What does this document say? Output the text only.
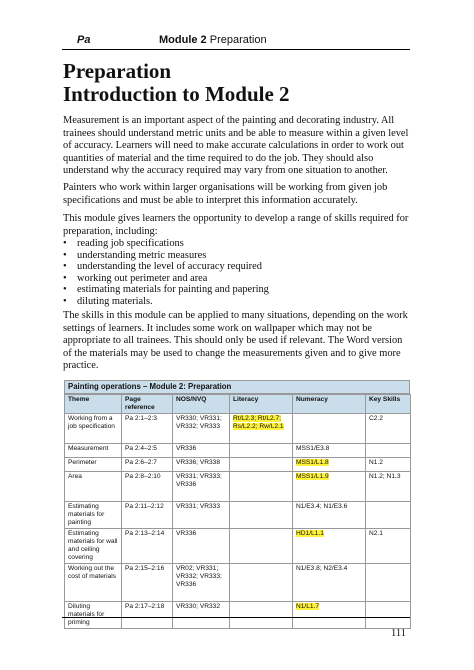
Pa	Module 2 Preparation
Preparation
Introduction to Module 2
Measurement is an important aspect of the painting and decorating industry. All trainees should understand metric units and be able to measure within a given level of accuracy. Learners will need to make accurate calculations in order to work out quantities of material and the time required to do the job. They should also understand why the accuracy required may vary from one situation to another.
Painters who work within larger organisations will be working from given job specifications and must be able to interpret this information accurately.
This module gives learners the opportunity to develop a range of skills required for preparation, including:
• reading job specifications
• understanding metric measures
• understanding the level of accuracy required
• working out perimeter and area
• estimating materials for painting and papering
• diluting materials.
The skills in this module can be applied to many situations, depending on the work settings of learners. It includes some work on wallpaper which may not be appropriate to all trainees. This should only be used if relevant. The Word version of the materials may be used to change the measurements given and to give more practice.
Painting operations – Module 2: Preparation
Theme	Page reference	NOS/NVQ	Literacy	Numeracy	Key Skills
Working from a job specification	Pa 2:1–2:3	VR330; VR331; VR332; VR333	Rt/L2.3; Rt/L2.7; Rs/L2.2; Rw/L2.1		C2.2
Measurement	Pa 2:4–2:5	VR336		MSS1/E3.8	
Perimeter	Pa 2:6–2:7	VR336; VR338		MSS1/L1.8	N1.2
Area	Pa 2:8–2:10	VR331; VR333; VR336		MSS1/L1.9	N1.2; N1.3
Estimating materials for painting	Pa 2:11–2:12	VR331; VR333		N1/E3.4; N1/E3.6	
Estimating materials for wall and ceiling covering	Pa 2:13–2:14	VR336		HD1/L1.1	N2.1
Working out the cost of materials	Pa 2:15–2:16	VR02; VR331; VR332; VR333; VR336		N1/E3.8; N2/E3.4	
Diluting materials for priming	Pa 2:17–2:18	VR330; VR332		N1/L1.7	
111
